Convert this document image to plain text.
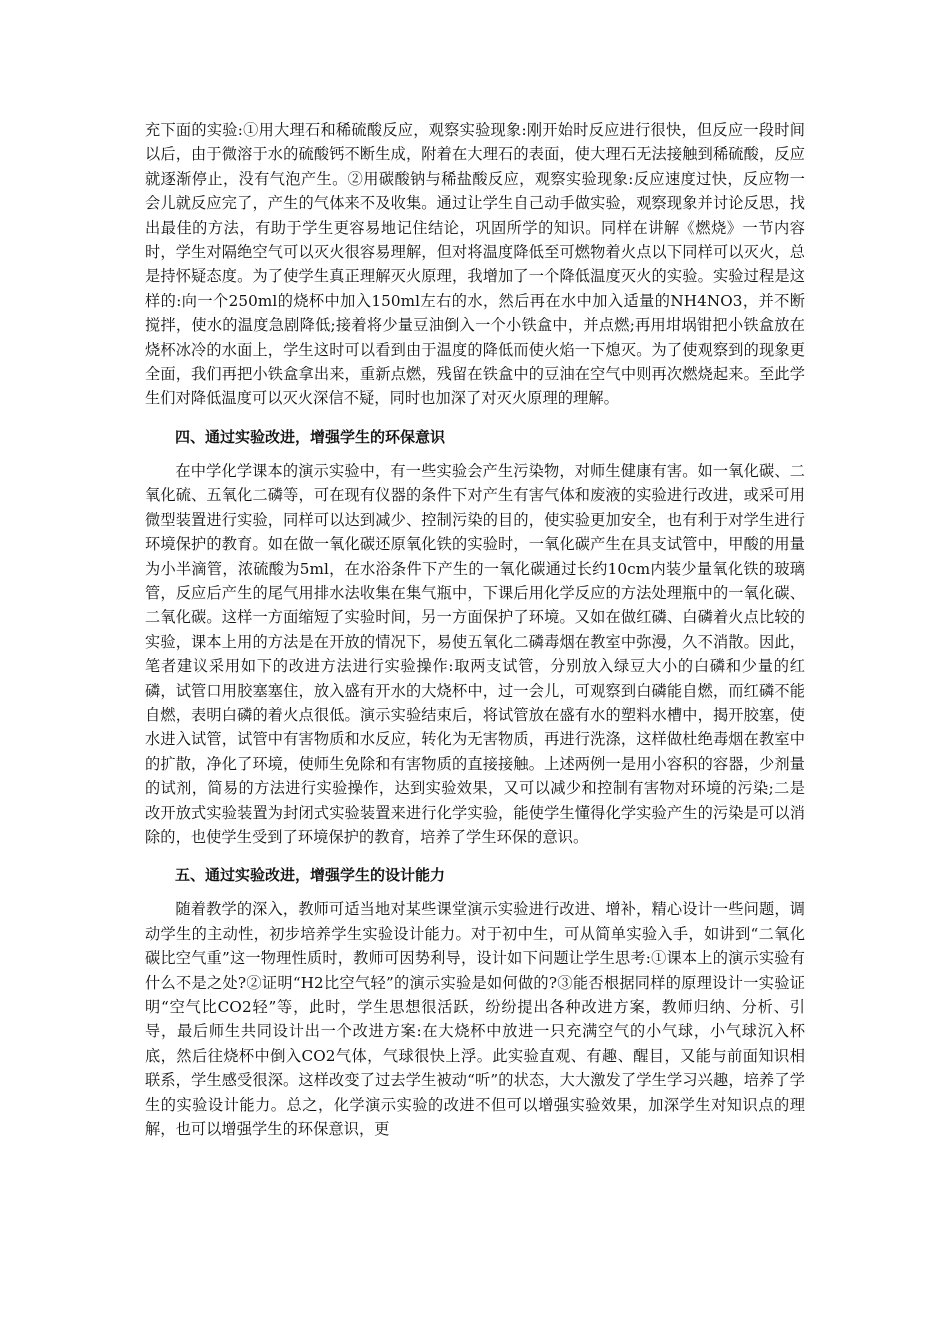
充下面的实验:①用大理石和稀硫酸反应，观察实验现象:刚开始时反应进行很快，但反应一段时间以后，由于微溶于水的硫酸钙不断生成，附着在大理石的表面，使大理石无法接触到稀硫酸，反应就逐渐停止，没有气泡产生。②用碳酸钠与稀盐酸反应，观察实验现象:反应速度过快，反应物一会儿就反应完了，产生的气体来不及收集。通过让学生自己动手做实验，观察现象并讨论反思，找出最佳的方法，有助于学生更容易地记住结论，巩固所学的知识。同样在讲解《燃烧》一节内容时，学生对隔绝空气可以灭火很容易理解，但对将温度降低至可燃物着火点以下同样可以灭火，总是持怀疑态度。为了使学生真正理解灭火原理，我增加了一个降低温度灭火的实验。实验过程是这样的:向一个250ml的烧杯中加入150ml左右的水，然后再在水中加入适量的NH4NO3，并不断搅拌，使水的温度急剧降低;接着将少量豆油倒入一个小铁盒中，并点燃;再用坩埚钳把小铁盒放在烧杯冰冷的水面上，学生这时可以看到由于温度的降低而使火焰一下熄灭。为了使观察到的现象更全面，我们再把小铁盒拿出来，重新点燃，残留在铁盒中的豆油在空气中则再次燃烧起来。至此学生们对降低温度可以灭火深信不疑，同时也加深了对灭火原理的理解。

四、通过实验改进，增强学生的环保意识

在中学化学课本的演示实验中，有一些实验会产生污染物，对师生健康有害。如一氧化碳、二氧化硫、五氧化二磷等，可在现有仪器的条件下对产生有害气体和废液的实验进行改进，或采可用微型装置进行实验，同样可以达到减少、控制污染的目的，使实验更加安全，也有利于对学生进行环境保护的教育。如在做一氧化碳还原氧化铁的实验时，一氧化碳产生在具支试管中，甲酸的用量为小半滴管，浓硫酸为5ml，在水浴条件下产生的一氧化碳通过长约10cm内装少量氧化铁的玻璃管，反应后产生的尾气用排水法收集在集气瓶中，下课后用化学反应的方法处理瓶中的一氧化碳、二氧化碳。这样一方面缩短了实验时间，另一方面保护了环境。又如在做红磷、白磷着火点比较的实验，课本上用的方法是在开放的情况下，易使五氧化二磷毒烟在教室中弥漫，久不消散。因此，笔者建议采用如下的改进方法进行实验操作:取两支试管，分别放入绿豆大小的白磷和少量的红磷，试管口用胶塞塞住，放入盛有开水的大烧杯中，过一会儿，可观察到白磷能自燃，而红磷不能自燃，表明白磷的着火点很低。演示实验结束后，将试管放在盛有水的塑料水槽中，揭开胶塞，使水进入试管，试管中有害物质和水反应，转化为无害物质，再进行洗涤，这样做杜绝毒烟在教室中的扩散，净化了环境，使师生免除和有害物质的直接接触。上述两例一是用小容积的容器，少剂量的试剂，简易的方法进行实验操作，达到实验效果，又可以减少和控制有害物对环境的污染;二是改开放式实验装置为封闭式实验装置来进行化学实验，能使学生懂得化学实验产生的污染是可以消除的，也使学生受到了环境保护的教育，培养了学生环保的意识。

五、通过实验改进，增强学生的设计能力

随着教学的深入，教师可适当地对某些课堂演示实验进行改进、增补，精心设计一些问题，调动学生的主动性，初步培养学生实验设计能力。对于初中生，可从简单实验入手，如讲到“二氧化碳比空气重”这一物理性质时，教师可因势利导，设计如下问题让学生思考:①课本上的演示实验有什么不是之处?②证明“H2比空气轻”的演示实验是如何做的?③能否根据同样的原理设计一实验证明“空气比CO2轻”等，此时，学生思想很活跃，纷纷提出各种改进方案，教师归纳、分析、引导，最后师生共同设计出一个改进方案:在大烧杯中放进一只充满空气的小气球，小气球沉入杯底，然后往烧杯中倒入CO2气体，气球很快上浮。此实验直观、有趣、醒目，又能与前面知识相联系，学生感受很深。这样改变了过去学生被动“听”的状态，大大激发了学生学习兴趣，培养了学生的实验设计能力。总之，化学演示实验的改进不但可以增强实验效果，加深学生对知识点的理解，也可以增强学生的环保意识，更
